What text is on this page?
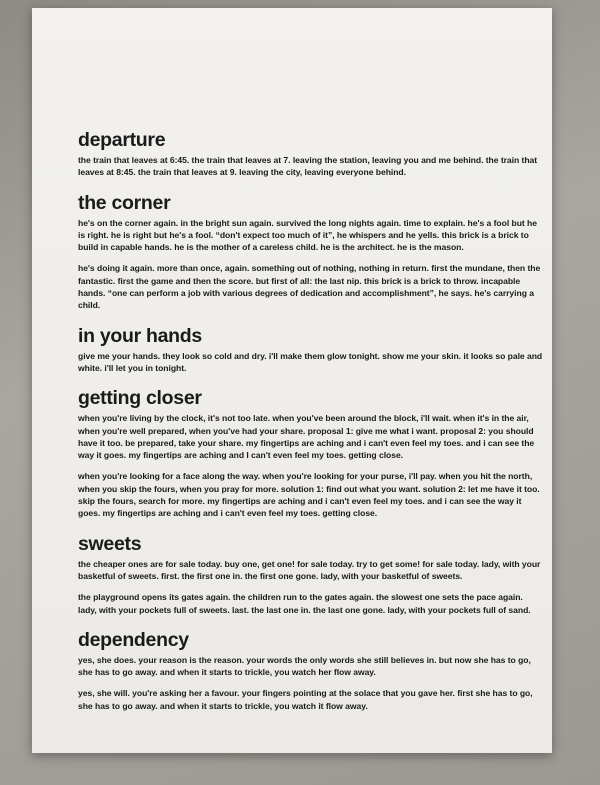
departure

the train that leaves at 6:45. the train that leaves at 7. leaving the station, leaving you and me behind. the train that leaves at 8:45. the train that leaves at 9. leaving the city, leaving everyone behind.

the corner

he's on the corner again. in the bright sun again. survived the long nights again. time to explain. he's a fool but he is right. he is right but he's a fool. “don't expect too much of it”, he whispers and he yells. this brick is a brick to build in capable hands. he is the mother of a careless child. he is the architect. he is the mason.

he's doing it again. more than once, again. something out of nothing, nothing in return. first the mundane, then the fantastic. first the game and then the score. but first of all: the last nip. this brick is a brick to throw. incapable hands. “one can perform a job with various degrees of dedication and accomplishment”, he says. he's carrying a child.

in your hands

give me your hands. they look so cold and dry. i'll make them glow tonight. show me your skin. it looks so pale and white. i'll let you in tonight.

getting closer

when you're living by the clock, it's not too late. when you've been around the block, i'll wait. when it's in the air, when you're well prepared, when you've had your share. proposal 1: give me what i want. proposal 2: you should have it too. be prepared, take your share. my fingertips are aching and i can't even feel my toes. and i can see the way it goes. my fingertips are aching and I can't even feel my toes. getting close.

when you're looking for a face along the way. when you're looking for your purse, i'll pay. when you hit the north, when you skip the fours, when you pray for more. solution 1: find out what you want. solution 2: let me have it too. skip the fours, search for more. my fingertips are aching and i can't even feel my toes. and i can see the way it goes. my fingertips are aching and i can't even feel my toes. getting close.

sweets

the cheaper ones are for sale today. buy one, get one! for sale today. try to get some! for sale today. lady, with your basketful of sweets. first. the first one in. the first one gone. lady, with your basketful of sweets.

the playground opens its gates again. the children run to the gates again. the slowest one sets the pace again. lady, with your pockets full of sweets. last. the last one in. the last one gone. lady, with your pockets full of sand.

dependency

yes, she does. your reason is the reason. your words the only words she still believes in. but now she has to go, she has to go away. and when it starts to trickle, you watch her flow away.

yes, she will. you're asking her a favour. your fingers pointing at the solace that you gave her. first she has to go, she has to go away. and when it starts to trickle, you watch it flow away.
